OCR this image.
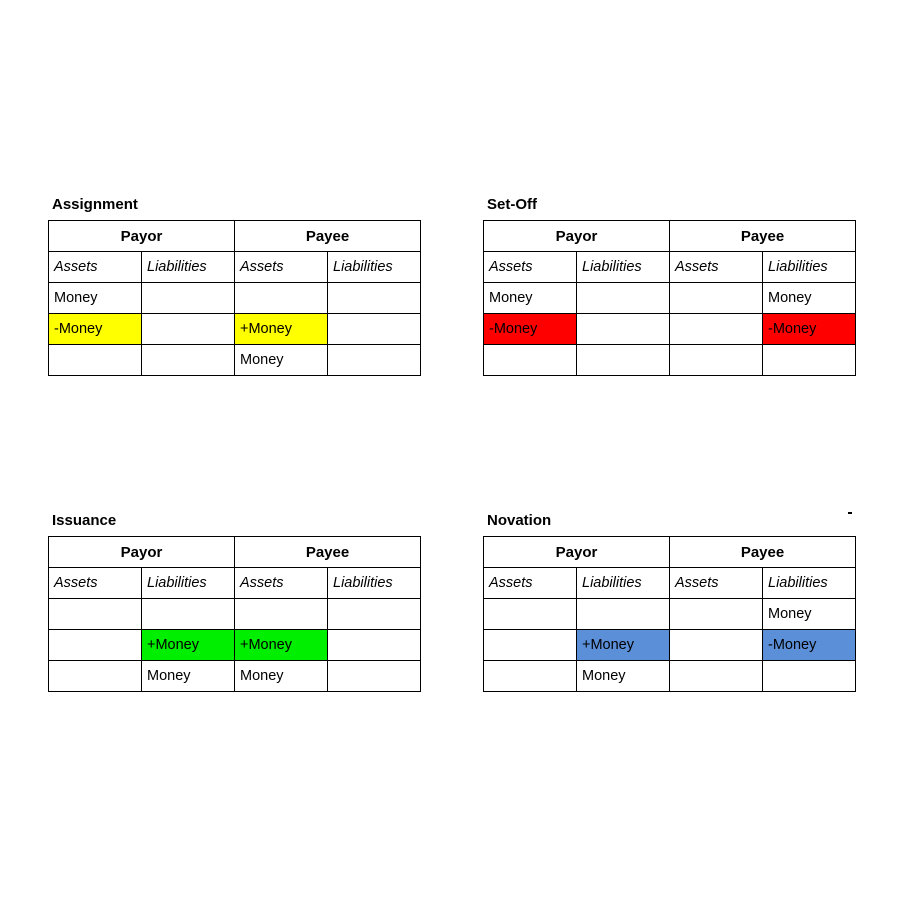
Assignment
Payor		Payee	
Assets	Liabilities	Assets	Liabilities
Money			
-Money		+Money	
		Money	
Set-Off
Payor		Payee	
Assets	Liabilities	Assets	Liabilities
Money			Money
-Money			-Money

Issuance
Payor		Payee	
Assets	Liabilities	Assets	Liabilities

	+Money	+Money	
	Money	Money	
Novation
Payor		Payee	
Assets	Liabilities	Assets	Liabilities
			Money
	+Money		-Money
	Money		
